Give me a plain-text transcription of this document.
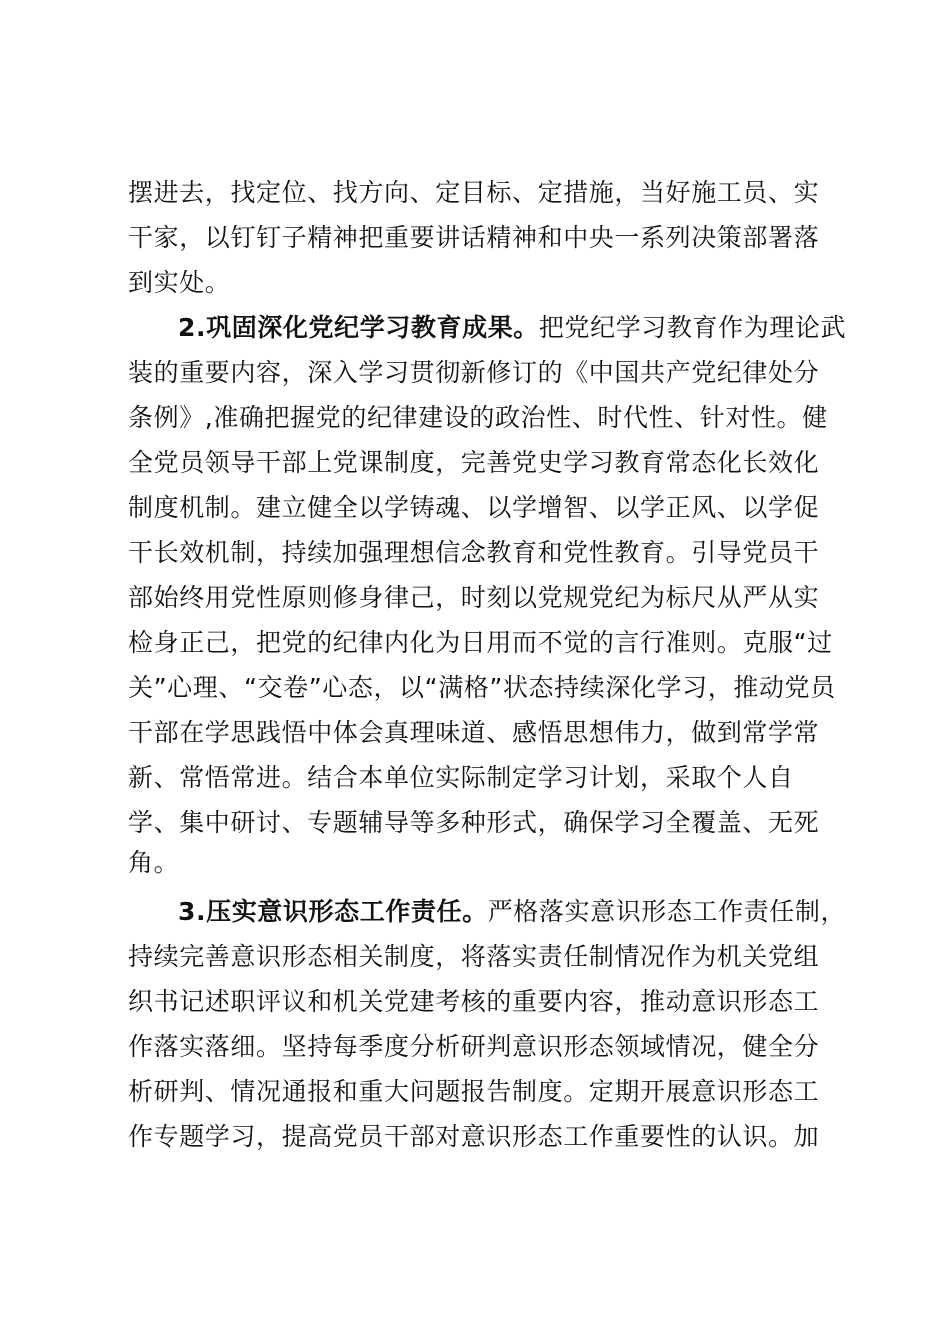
摆进去，找定位、找方向、定目标、定措施，当好施工员、实
干家，以钉钉子精神把重要讲话精神和中央一系列决策部署落
到实处。
2.巩固深化党纪学习教育成果。把党纪学习教育作为理论武
装的重要内容，深入学习贯彻新修订的《中国共产党纪律处分
条例》,准确把握党的纪律建设的政治性、时代性、针对性。健
全党员领导干部上党课制度，完善党史学习教育常态化长效化
制度机制。建立健全以学铸魂、以学增智、以学正风、以学促
干长效机制，持续加强理想信念教育和党性教育。引导党员干
部始终用党性原则修身律己，时刻以党规党纪为标尺从严从实
检身正己，把党的纪律内化为日用而不觉的言行准则。克服“过
关”心理、“交卷”心态，以“满格”状态持续深化学习，推动党员
干部在学思践悟中体会真理味道、感悟思想伟力，做到常学常
新、常悟常进。结合本单位实际制定学习计划，采取个人自
学、集中研讨、专题辅导等多种形式，确保学习全覆盖、无死
角。
3.压实意识形态工作责任。严格落实意识形态工作责任制，
持续完善意识形态相关制度，将落实责任制情况作为机关党组
织书记述职评议和机关党建考核的重要内容，推动意识形态工
作落实落细。坚持每季度分析研判意识形态领域情况，健全分
析研判、情况通报和重大问题报告制度。定期开展意识形态工
作专题学习，提高党员干部对意识形态工作重要性的认识。加
